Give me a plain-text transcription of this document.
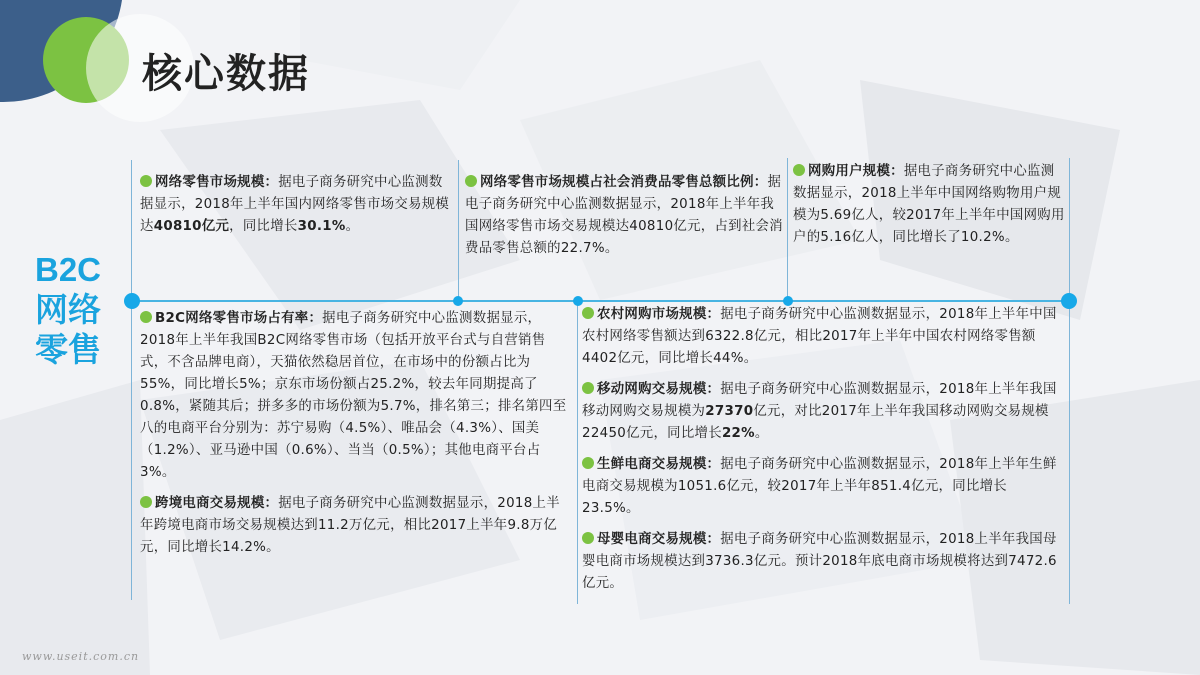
核心数据
B2C
网络
零售
网络零售市场规模：据电子商务研究中心监测数据显示，2018年上半年国内网络零售市场交易规模达40810亿元，同比增长30.1%。
网络零售市场规模占社会消费品零售总额比例：据电子商务研究中心监测数据显示，2018年上半年我国网络零售市场交易规模达40810亿元，占到社会消费品零售总额的22.7%。
网购用户规模：据电子商务研究中心监测数据显示，2018上半年中国网络购物用户规模为5.69亿人，较2017年上半年中国网购用户的5.16亿人，同比增长了10.2%。
B2C网络零售市场占有率：据电子商务研究中心监测数据显示，2018年上半年我国B2C网络零售市场（包括开放平台式与自营销售式，不含品牌电商），天猫依然稳居首位，在市场中的份额占比为55%，同比增长5%；京东市场份额占25.2%，较去年同期提高了0.8%，紧随其后；拼多多的市场份额为5.7%，排名第三；排名第四至八的电商平台分别为：苏宁易购（4.5%）、唯品会（4.3%）、国美（1.2%）、亚马逊中国（0.6%）、当当（0.5%）；其他电商平台占3%。
跨境电商交易规模：据电子商务研究中心监测数据显示，2018上半年跨境电商市场交易规模达到11.2万亿元，相比2017上半年9.8万亿元，同比增长14.2%。
农村网购市场规模：据电子商务研究中心监测数据显示，2018年上半年中国农村网络零售额达到6322.8亿元，相比2017年上半年中国农村网络零售额4402亿元，同比增长44%。
移动网购交易规模：据电子商务研究中心监测数据显示，2018年上半年我国移动网购交易规模为27370亿元，对比2017年上半年我国移动网购交易规模22450亿元，同比增长22%。
生鲜电商交易规模：据电子商务研究中心监测数据显示，2018年上半年生鲜电商交易规模为1051.6亿元，较2017年上半年851.4亿元，同比增长23.5%。
母婴电商交易规模：据电子商务研究中心监测数据显示，2018上半年我国母婴电商市场规模达到3736.3亿元。预计2018年底电商市场规模将达到7472.6亿元。
www.useit.com.cn
